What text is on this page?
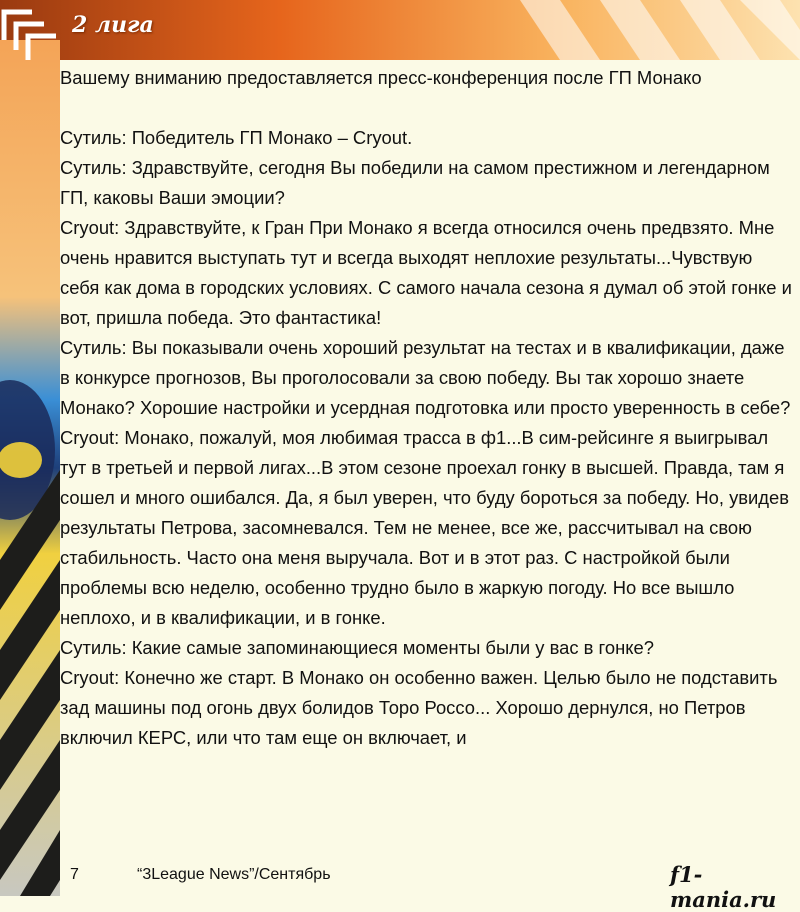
2 лига

Вашему вниманию предоставляется пресс-конференция после ГП Монако

Сутиль: Победитель ГП Монако – Cryout.

Сутиль: Здравствуйте, сегодня Вы победили на самом престижном и легендарном ГП, каковы Ваши эмоции?

Cryout: Здравствуйте, к Гран При Монако я всегда относился очень предвзято. Мне очень нравится выступать тут и всегда выходят неплохие результаты...Чувствую себя как дома в городских условиях. С самого начала сезона я думал об этой гонке и вот, пришла победа. Это фантастика!

Сутиль: Вы показывали очень хороший результат на тестах и в квалификации, даже в конкурсе прогнозов, Вы проголосовали за свою победу. Вы так хорошо знаете Монако? Хорошие настройки и усердная подготовка или просто уверенность в себе?

Cryout: Монако, пожалуй, моя любимая трасса в ф1...В сим-рейсинге я выигрывал тут в третьей и первой лигах...В этом сезоне проехал гонку в высшей. Правда, там я сошел и много ошибался. Да, я был уверен, что буду бороться за победу. Но, увидев результаты Петрова, засомневался. Тем не менее, все же, рассчитывал на свою стабильность. Часто она меня выручала. Вот и в этот раз. С настройкой были проблемы всю неделю, особенно трудно было в жаркую погоду. Но все вышло неплохо, и в квалификации, и в гонке.

Сутиль: Какие самые запоминающиеся моменты были у вас в гонке?

Cryout: Конечно же старт. В Монако он особенно важен. Целью было не подставить зад машины под огонь двух болидов Торо Россо... Хорошо дернулся, но Петров включил КЕРС, или что там еще он включает, и

7	“3League News”/Сентябрь	f1-mania.ru
